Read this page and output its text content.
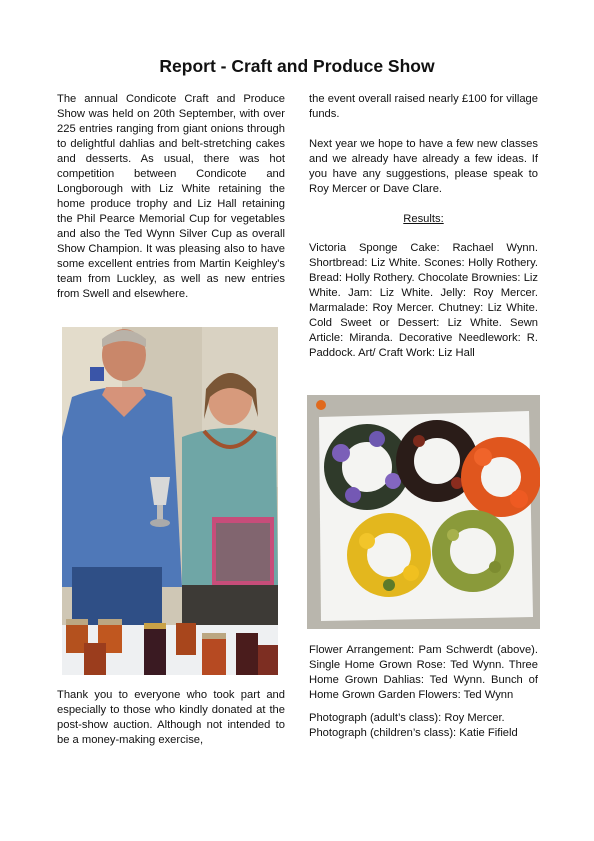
Report - Craft and Produce Show

The annual Condicote Craft and Produce Show was held on 20th September, with over 225 entries ranging from giant onions through to delightful dahlias and belt-stretching cakes and desserts. As usual, there was hot competition between Condicote and Longborough with Liz White retaining the home produce trophy and Liz Hall retaining the Phil Pearce Memorial Cup for vegetables and also the Ted Wynn Silver Cup as overall Show Champion. It was pleasing also to have some excellent entries from Martin Keighley's team from Luckley, as well as new entries from Swell and elsewhere.

Thank you to everyone who took part and especially to those who kindly donated at the post-show auction. Although not intended to be a money-making exercise,

the event overall raised nearly £100 for village funds.

Next year we hope to have a few new classes and we already have already a few ideas. If you have any suggestions, please speak to Roy Mercer or Dave Clare.

Results:

Victoria Sponge Cake: Rachael Wynn. Shortbread: Liz White. Scones: Holly Rothery. Bread: Holly Rothery. Chocolate Brownies: Liz White. Jam: Liz White. Jelly: Roy Mercer. Marmalade: Roy Mercer. Chutney: Liz White. Cold Sweet or Dessert: Liz White. Sewn Article: Miranda. Decorative Needlework: R. Paddock. Art/ Craft Work: Liz Hall

Flower Arrangement: Pam Schwerdt (above). Single Home Grown Rose: Ted Wynn. Three Home Grown Dahlias: Ted Wynn. Bunch of Home Grown Garden Flowers: Ted Wynn

Photograph (adult’s class): Roy Mercer.

Photograph (children’s class): Katie Fifield
